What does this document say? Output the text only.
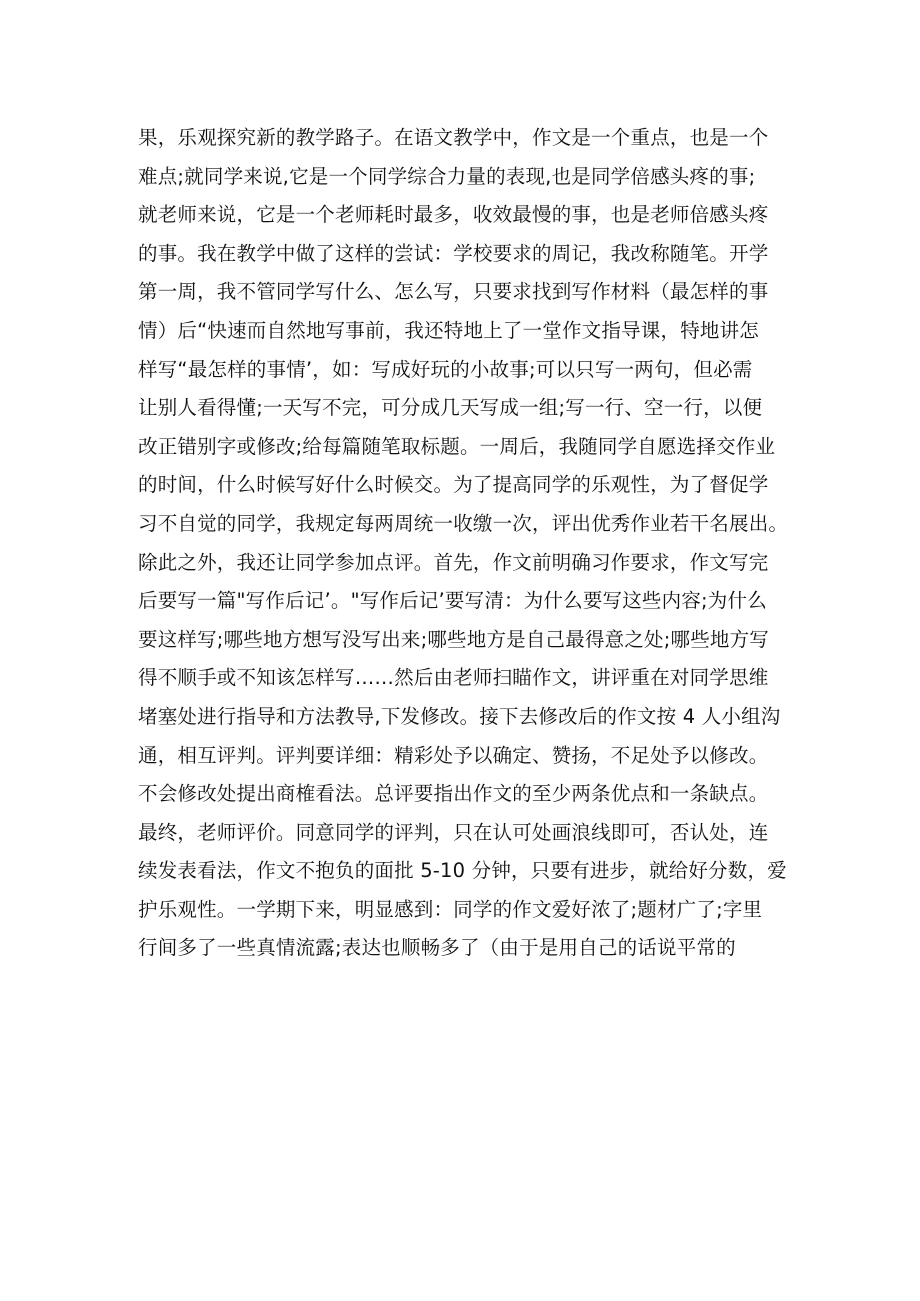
果，乐观探究新的教学路子。在语文教学中，作文是一个重点，也是一个
难点;就同学来说,它是一个同学综合力量的表现,也是同学倍感头疼的事;
就老师来说，它是一个老师耗时最多，收效最慢的事，也是老师倍感头疼
的事。我在教学中做了这样的尝试：学校要求的周记，我改称随笔。开学
第一周，我不管同学写什么、怎么写，只要求找到写作材料（最怎样的事
情）后“快速而自然地写事前，我还特地上了一堂作文指导课，特地讲怎
样写“最怎样的事情’，如：写成好玩的小故事;可以只写一两句，但必需
让别人看得懂;一天写不完，可分成几天写成一组;写一行、空一行，以便
改正错别字或修改;给每篇随笔取标题。一周后，我随同学自愿选择交作业
的时间，什么时候写好什么时候交。为了提高同学的乐观性，为了督促学
习不自觉的同学，我规定每两周统一收缴一次，评出优秀作业若干名展出。
除此之外，我还让同学参加点评。首先，作文前明确习作要求，作文写完
后要写一篇"写作后记’。"写作后记’要写清：为什么要写这些内容;为什么
要这样写;哪些地方想写没写出来;哪些地方是自己最得意之处;哪些地方写
得不顺手或不知该怎样写……然后由老师扫瞄作文，讲评重在对同学思维
堵塞处进行指导和方法教导,下发修改。接下去修改后的作文按 4 人小组沟
通，相互评判。评判要详细：精彩处予以确定、赞扬，不足处予以修改。
不会修改处提出商榷看法。总评要指出作文的至少两条优点和一条缺点。
最终，老师评价。同意同学的评判，只在认可处画浪线即可，否认处，连
续发表看法，作文不抱负的面批 5-10 分钟，只要有进步，就给好分数，爱
护乐观性。一学期下来，明显感到：同学的作文爱好浓了;题材广了;字里
行间多了一些真情流露;表达也顺畅多了（由于是用自己的话说平常的
